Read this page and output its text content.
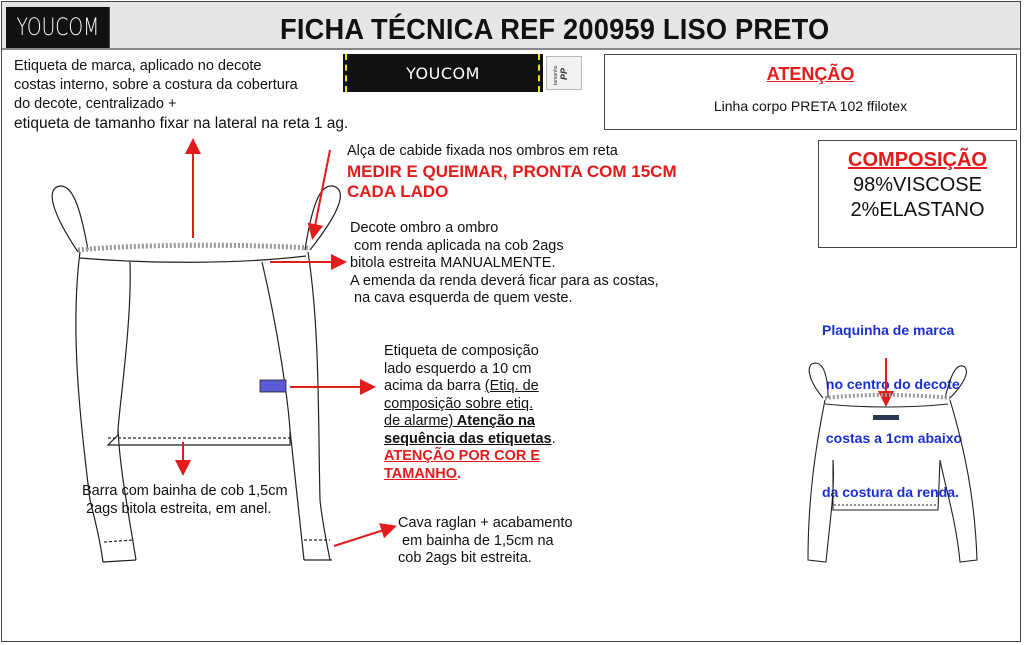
YOUCOM	FICHA TÉCNICA REF 200959 LISO PRETO
Etiqueta de marca, aplicado no decote
costas interno, sobre a costura da cobertura
do decote, centralizado +
etiqueta de tamanho fixar na lateral na reta 1 ag.
YOUCOM	tamanho PP	ATENÇÃO
Linha corpo PRETA 102 ffilotex
COMPOSIÇÃO
98%VISCOSE
2%ELASTANO
Alça de cabide fixada nos ombros em reta
MEDIR E QUEIMAR, PRONTA COM 15CM
CADA LADO
Decote ombro a ombro
com renda aplicada na cob 2ags
bitola estreita MANUALMENTE.
A emenda da renda deverá ficar para as costas,
na cava esquerda de quem veste.
Etiqueta de composição
lado esquerdo a 10 cm
acima da barra (Etiq. de
composição sobre etiq.
de alarme) Atenção na
sequência das etiquetas.
ATENÇÃO POR COR E
TAMANHO.
Barra com bainha de cob 1,5cm
2ags bitola estreita, em anel.
Cava raglan + acabamento
em bainha de 1,5cm na
cob 2ags bit estreita.

Plaquinha de marca

no centro do decote

costas a 1cm abaixo

da costura da renda.
